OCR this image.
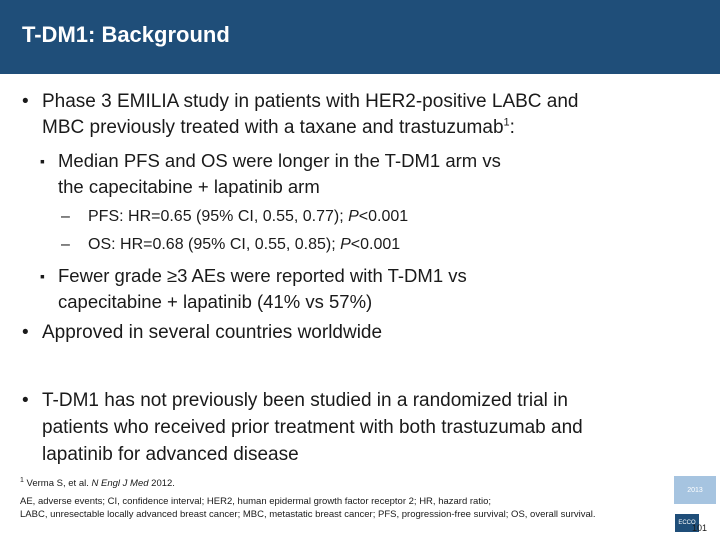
T-DM1: Background
• Phase 3 EMILIA study in patients with HER2-positive LABC and
MBC previously treated with a taxane and trastuzumab$^1$:
▪ Median PFS and OS were longer in the T-DM1 arm vs
the capecitabine + lapatinib arm
– PFS: HR=0.65 (95% CI, 0.55, 0.77); P<0.001
– OS: HR=0.68 (95% CI, 0.55, 0.85); P<0.001
▪ Fewer grade ≥3 AEs were reported with T-DM1 vs
capecitabine + lapatinib (41% vs 57%)
• Approved in several countries worldwide
• T-DM1 has not previously been studied in a randomized trial in
patients who received prior treatment with both trastuzumab and
lapatinib for advanced disease
$^1$ Verma S, et al. N Engl J Med 2012.
AE, adverse events; CI, confidence interval; HER2, human epidermal growth factor receptor 2; HR, hazard ratio;
LABC, unresectable locally advanced breast cancer; MBC, metastatic breast cancer; PFS, progression-free survival; OS, overall survival.
2013
ECCO
101
